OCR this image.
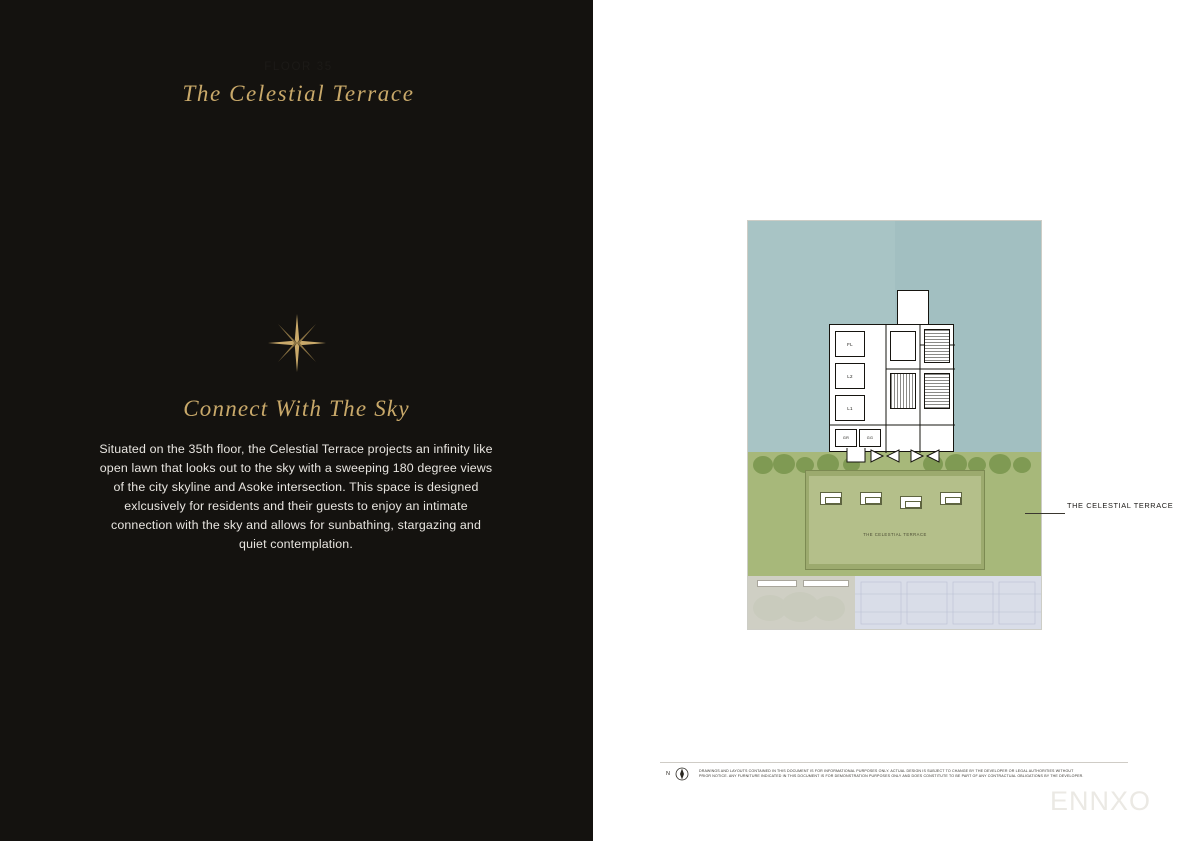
Connect With The Sky
Situated on the 35th floor, the Celestial Terrace projects an infinity like open lawn that looks out to the sky with a sweeping 180 degree views of the city skyline and Asoke intersection. This space is designed exlcusively for residents and their guests to enjoy an intimate connection with the sky and allows for sunbathing, stargazing and quiet contemplation.
FLOOR 35
The Celestial Terrace
THE CELESTIAL TERRACE
FL
L2
L1
GR	GG
THE CELESTIAL TERRACE
N	DRAWINGS AND LAYOUTS CONTAINED IN THIS DOCUMENT IS FOR INFORMATIONAL PURPOSES ONLY. ACTUAL DESIGN IS SUBJECT TO CHANGE BY THE DEVELOPER OR LEGAL AUTHORITIES WITHOUT
PRIOR NOTICE. ANY FURNITURE INDICATED IN THIS DOCUMENT IS FOR DEMONSTRATION PURPOSES ONLY AND DOES CONSTITUTE TO BE PART OF ANY CONTRACTUAL OBLIGATIONS BY THE DEVELOPER.
ENNXO
